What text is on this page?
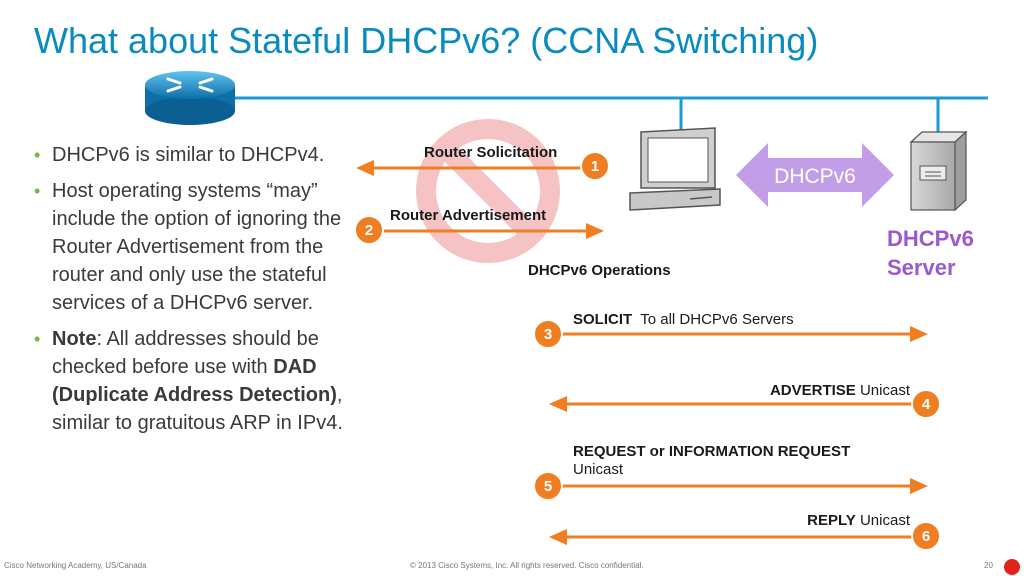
What about Stateful DHCPv6? (CCNA Switching)
• DHCPv6 is similar to DHCPv4.
• Host operating systems “may” include the option of ignoring the Router Advertisement from the router and only use the stateful services of a DHCPv6 server.
• Note: All addresses should be checked before use with DAD (Duplicate Address Detection), similar to gratuitous ARP in IPv4.
DHCPv6
1
2
3
4
5
6
Router Solicitation
Router Advertisement
DHCPv6 Operations
DHCPv6
Server
SOLICIT To all DHCPv6 Servers
ADVERTISE Unicast
REQUEST or INFORMATION REQUEST
Unicast
REPLY Unicast
Cisco Networking Academy, US/Canada	© 2013 Cisco Systems, Inc. All rights reserved. Cisco confidential.	20
